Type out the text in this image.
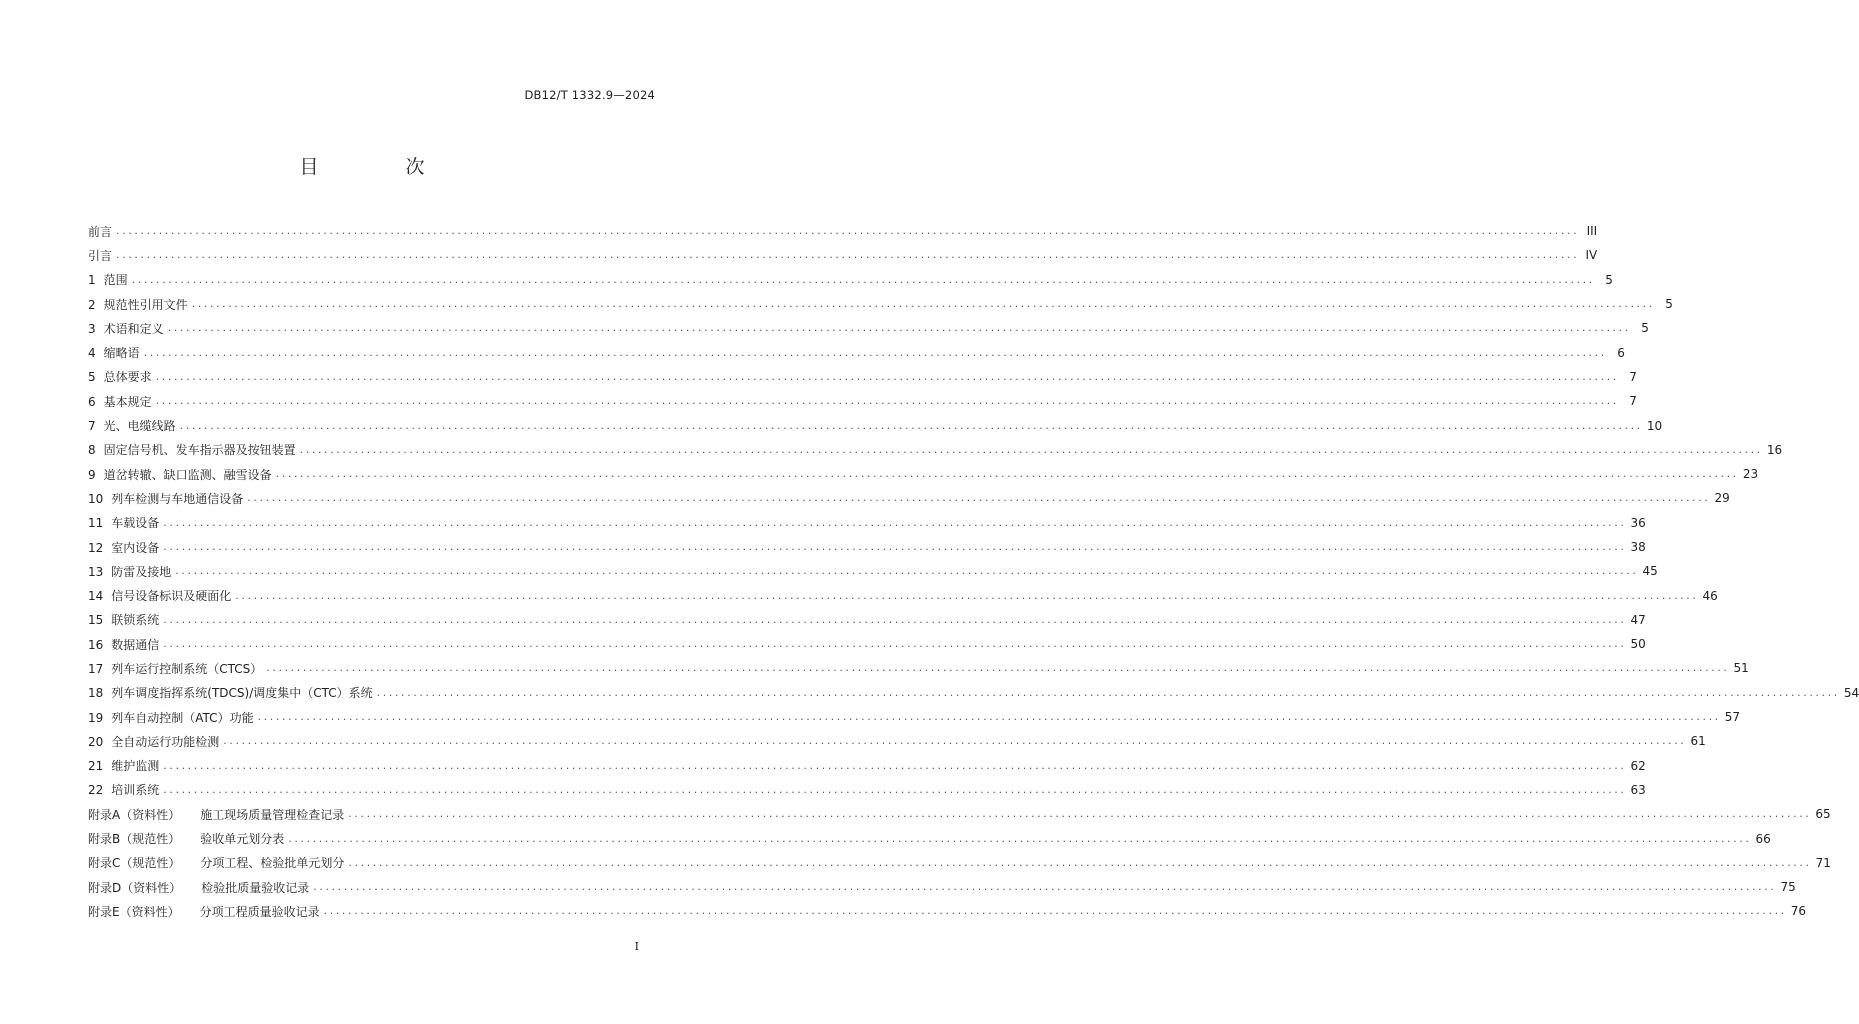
DB12/T 1332.9—2024
目　次
前言 ................................................................................................................................................................................................................................................ III
引言 ................................................................................................................................................................................................................................................ IV
1 范围 ................................................................................................................................................................................................................................................ 5
2 规范性引用文件 ................................................................................................................................................................................................................................................ 5
3 术语和定义 ................................................................................................................................................................................................................................................ 5
4 缩略语 ................................................................................................................................................................................................................................................ 6
5 总体要求 ................................................................................................................................................................................................................................................ 7
6 基本规定 ................................................................................................................................................................................................................................................ 7
7 光、电缆线路 ................................................................................................................................................................................................................................................ 10
8 固定信号机、发车指示器及按钮装置 ................................................................................................................................................................................................................................................ 16
9 道岔转辙、缺口监测、融雪设备 ................................................................................................................................................................................................................................................ 23
10 列车检测与车地通信设备 ................................................................................................................................................................................................................................................ 29
11 车载设备 ................................................................................................................................................................................................................................................ 36
12 室内设备 ................................................................................................................................................................................................................................................ 38
13 防雷及接地 ................................................................................................................................................................................................................................................ 45
14 信号设备标识及硬面化 ................................................................................................................................................................................................................................................ 46
15 联锁系统 ................................................................................................................................................................................................................................................ 47
16 数据通信 ................................................................................................................................................................................................................................................ 50
17 列车运行控制系统（CTCS） ................................................................................................................................................................................................................................................ 51
18 列车调度指挥系统(TDCS)/调度集中（CTC）系统 ................................................................................................................................................................................................................................................ 54
19 列车自动控制（ATC）功能 ................................................................................................................................................................................................................................................ 57
20 全自动运行功能检测 ................................................................................................................................................................................................................................................ 61
21 维护监测 ................................................................................................................................................................................................................................................ 62
22 培训系统 ................................................................................................................................................................................................................................................ 63
附录A（资料性） 施工现场质量管理检查记录 ................................................................................................................................................................................................................................................ 65
附录B（规范性） 验收单元划分表 ................................................................................................................................................................................................................................................ 66
附录C（规范性） 分项工程、检验批单元划分 ................................................................................................................................................................................................................................................ 71
附录D（资料性） 检验批质量验收记录 ................................................................................................................................................................................................................................................ 75
附录E（资料性） 分项工程质量验收记录 ................................................................................................................................................................................................................................................ 76
I
